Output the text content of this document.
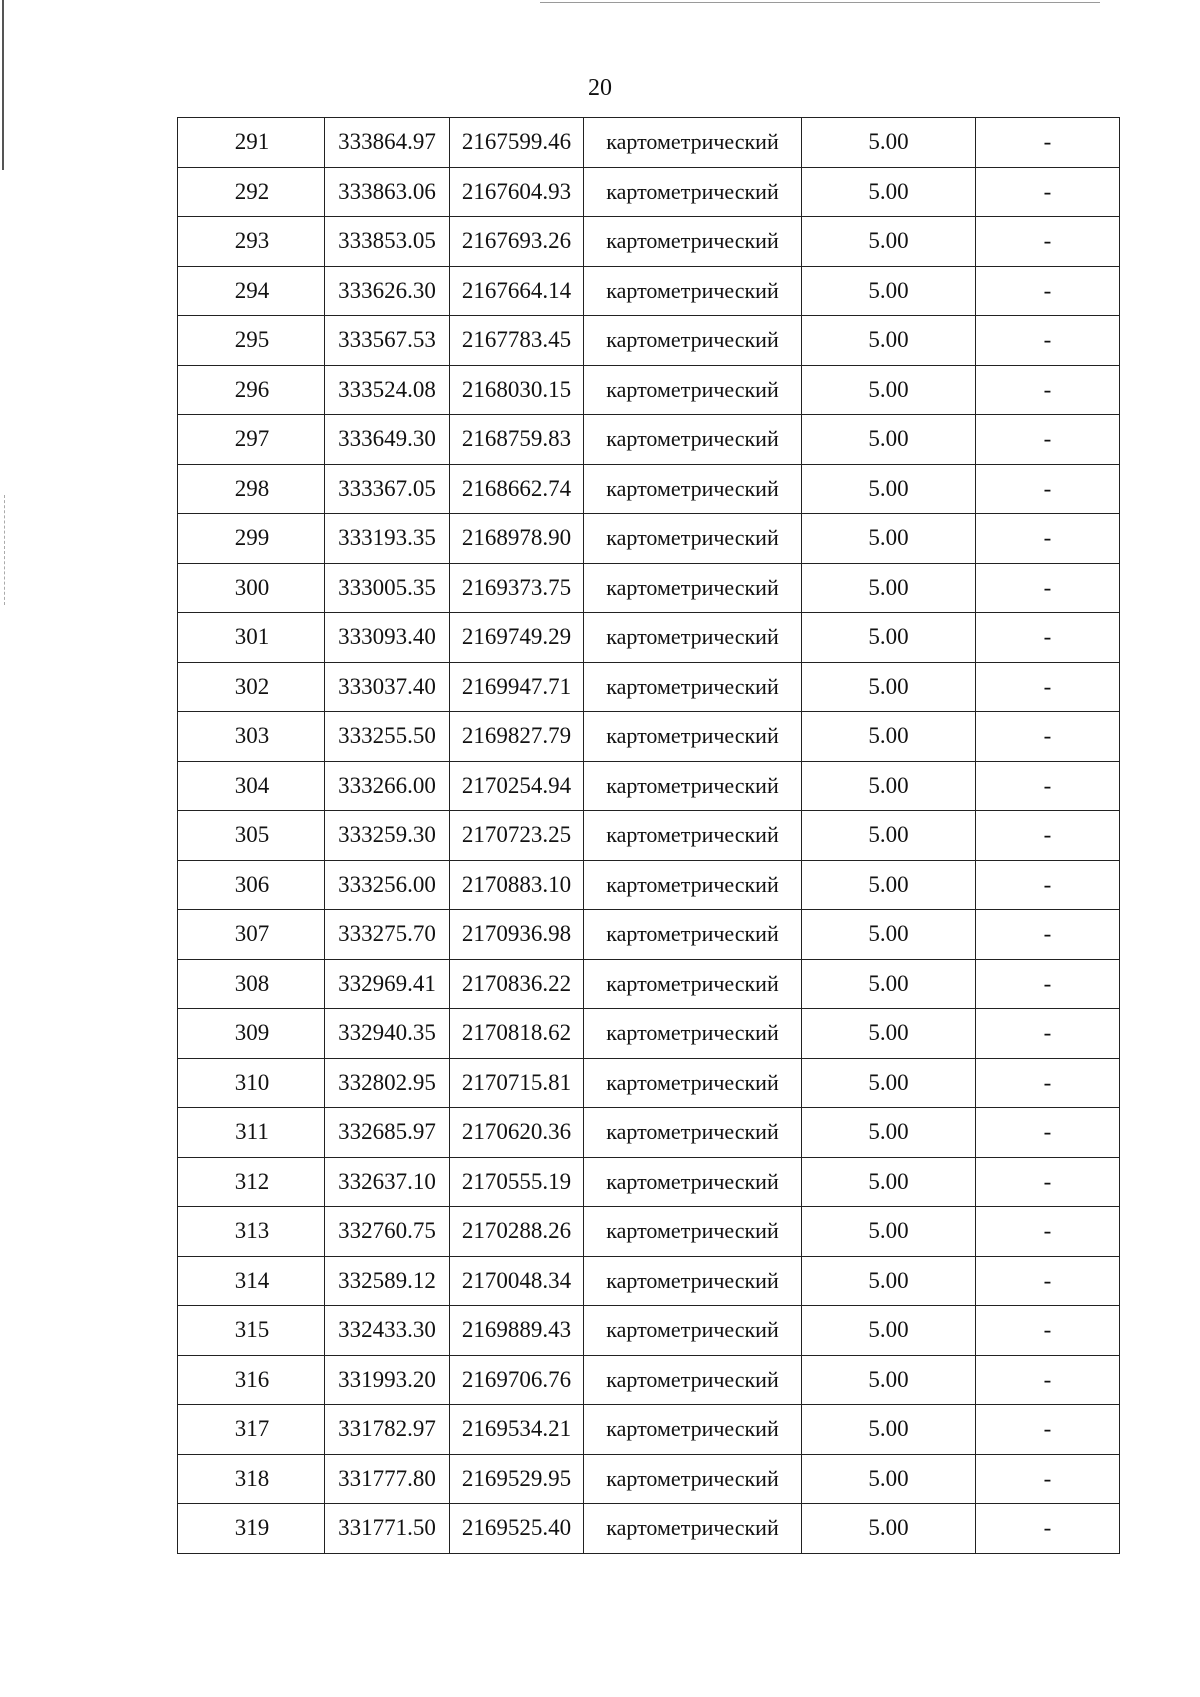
20
291	333864.97	2167599.46	картометрический	5.00	-
292	333863.06	2167604.93	картометрический	5.00	-
293	333853.05	2167693.26	картометрический	5.00	-
294	333626.30	2167664.14	картометрический	5.00	-
295	333567.53	2167783.45	картометрический	5.00	-
296	333524.08	2168030.15	картометрический	5.00	-
297	333649.30	2168759.83	картометрический	5.00	-
298	333367.05	2168662.74	картометрический	5.00	-
299	333193.35	2168978.90	картометрический	5.00	-
300	333005.35	2169373.75	картометрический	5.00	-
301	333093.40	2169749.29	картометрический	5.00	-
302	333037.40	2169947.71	картометрический	5.00	-
303	333255.50	2169827.79	картометрический	5.00	-
304	333266.00	2170254.94	картометрический	5.00	-
305	333259.30	2170723.25	картометрический	5.00	-
306	333256.00	2170883.10	картометрический	5.00	-
307	333275.70	2170936.98	картометрический	5.00	-
308	332969.41	2170836.22	картометрический	5.00	-
309	332940.35	2170818.62	картометрический	5.00	-
310	332802.95	2170715.81	картометрический	5.00	-
311	332685.97	2170620.36	картометрический	5.00	-
312	332637.10	2170555.19	картометрический	5.00	-
313	332760.75	2170288.26	картометрический	5.00	-
314	332589.12	2170048.34	картометрический	5.00	-
315	332433.30	2169889.43	картометрический	5.00	-
316	331993.20	2169706.76	картометрический	5.00	-
317	331782.97	2169534.21	картометрический	5.00	-
318	331777.80	2169529.95	картометрический	5.00	-
319	331771.50	2169525.40	картометрический	5.00	-
